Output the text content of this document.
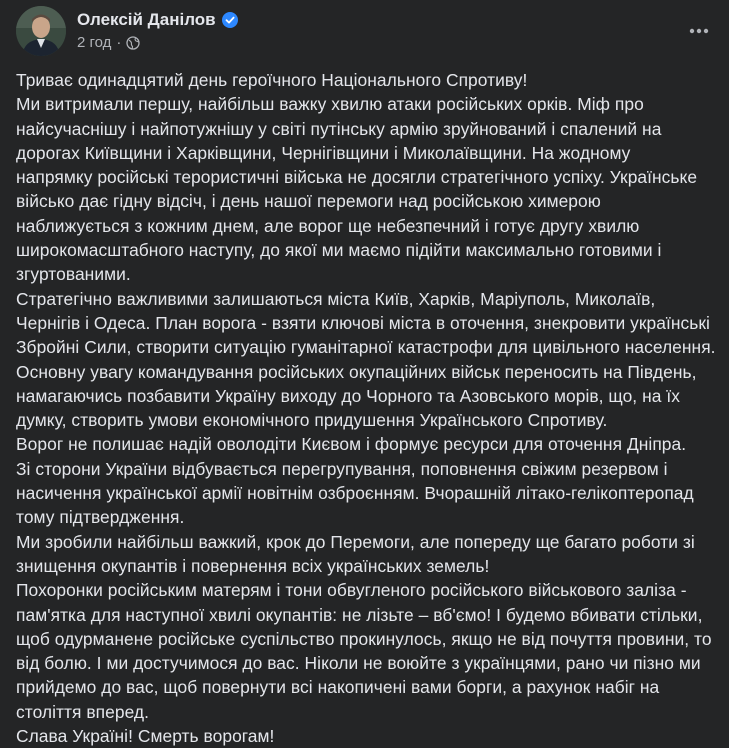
Олексій Данілов
2 год ·

Триває одинадцятий день героїчного Національного Спротиву!

Ми витримали першу, найбільш важку хвилю атаки російських орків. Міф про

найсучаснішу і найпотужнішу у світі путінську армію зруйнований і спалений на

дорогах Київщини і Харківщини, Чернігівщини і Миколаївщини. На жодному

напрямку російські терористичні війська не досягли стратегічного успіху. Українське

військо дає гідну відсіч, і день нашої перемоги над російською химерою

наближується з кожним днем, але ворог ще небезпечний і готує другу хвилю

широкомасштабного наступу, до якої ми маємо підійти максимально готовими і

згуртованими.

Стратегічно важливими залишаються міста Київ, Харків, Маріуполь, Миколаїв,

Чернігів і Одеса. План ворога - взяти ключові міста в оточення, знекровити українські

Збройні Сили, створити ситуацію гуманітарної катастрофи для цивільного населення.

Основну увагу командування російських окупаційних військ переносить на Південь,

намагаючись позбавити Україну виходу до Чорного та Азовського морів, що, на їх

думку, створить умови економічного придушення Українського Спротиву.

Ворог не полишає надій оволодіти Києвом і формує ресурси для оточення Дніпра.

Зі сторони України відбувається перегрупування, поповнення свіжим резервом і

насичення української армії новітнім озброєнням. Вчорашній літако-гелікоптеропад

тому підтвердження.

Ми зробили найбільш важкий, крок до Перемоги, але попереду ще багато роботи зі

знищення окупантів і повернення всіх українських земель!

Похоронки російським матерям і тони обвугленого російського військового заліза -

пам'ятка для наступної хвилі окупантів: не лізьте – вб'ємо! І будемо вбивати стільки,

щоб одурманене російське суспільство прокинулось, якщо не від почуття провини, то

від болю. І ми достучимося до вас. Ніколи не воюйте з українцями, рано чи пізно ми

прийдемо до вас, щоб повернути всі накопичені вами борги, а рахунок набіг на

століття вперед.

Слава Україні! Смерть ворогам!
